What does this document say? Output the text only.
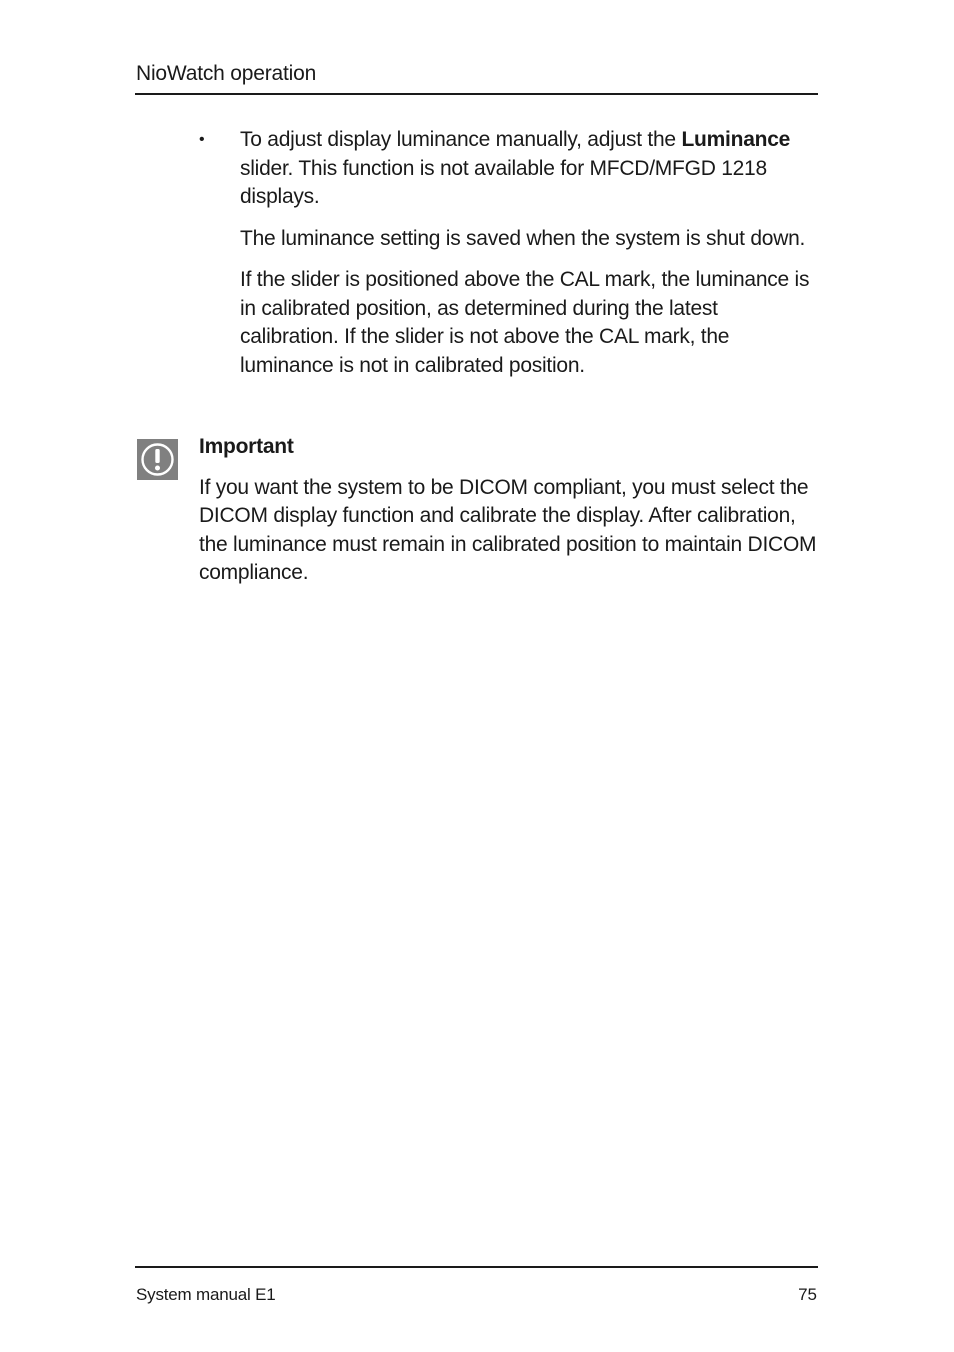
NioWatch operation
• To adjust display luminance manually, adjust the Luminance slider. This function is not available for MFCD/MFGD 1218 displays.

The luminance setting is saved when the system is shut down.

If the slider is positioned above the CAL mark, the luminance is in calibrated position, as determined during the latest calibration. If the slider is not above the CAL mark, the luminance is not in calibrated position.

Important

If you want the system to be DICOM compliant, you must select the DICOM display function and calibrate the display. After calibration, the luminance must remain in calibrated position to maintain DICOM compliance.

System manual E1	75
